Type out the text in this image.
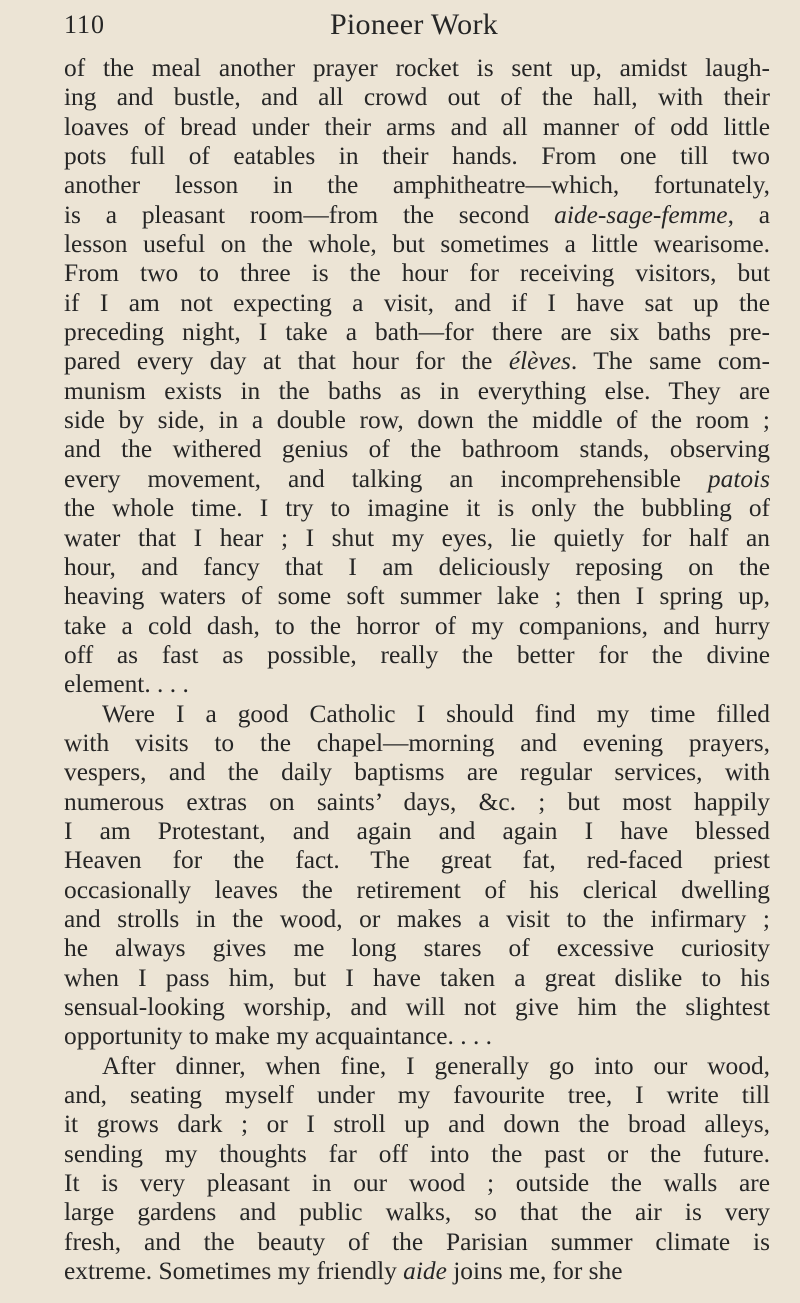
110	Pioneer Work
of the meal another prayer rocket is sent up, amidst laugh-
ing and bustle, and all crowd out of the hall, with their
loaves of bread under their arms and all manner of odd little
pots full of eatables in their hands. From one till two
another lesson in the amphitheatre—which, fortunately,
is a pleasant room—from the second aide-sage-femme, a
lesson useful on the whole, but sometimes a little wearisome.
From two to three is the hour for receiving visitors, but
if I am not expecting a visit, and if I have sat up the
preceding night, I take a bath—for there are six baths pre-
pared every day at that hour for the élèves. The same com-
munism exists in the baths as in everything else. They are
side by side, in a double row, down the middle of the room ;
and the withered genius of the bathroom stands, observing
every movement, and talking an incomprehensible patois
the whole time. I try to imagine it is only the bubbling of
water that I hear ; I shut my eyes, lie quietly for half an
hour, and fancy that I am deliciously reposing on the
heaving waters of some soft summer lake ; then I spring up,
take a cold dash, to the horror of my companions, and hurry
off as fast as possible, really the better for the divine
element. . . .
Were I a good Catholic I should find my time filled
with visits to the chapel—morning and evening prayers,
vespers, and the daily baptisms are regular services, with
numerous extras on saints’ days, &c. ; but most happily
I am Protestant, and again and again I have blessed
Heaven for the fact. The great fat, red-faced priest
occasionally leaves the retirement of his clerical dwelling
and strolls in the wood, or makes a visit to the infirmary ;
he always gives me long stares of excessive curiosity
when I pass him, but I have taken a great dislike to his
sensual-looking worship, and will not give him the slightest
opportunity to make my acquaintance. . . .
After dinner, when fine, I generally go into our wood,
and, seating myself under my favourite tree, I write till
it grows dark ; or I stroll up and down the broad alleys,
sending my thoughts far off into the past or the future.
It is very pleasant in our wood ; outside the walls are
large gardens and public walks, so that the air is very
fresh, and the beauty of the Parisian summer climate is
extreme. Sometimes my friendly aide joins me, for she
